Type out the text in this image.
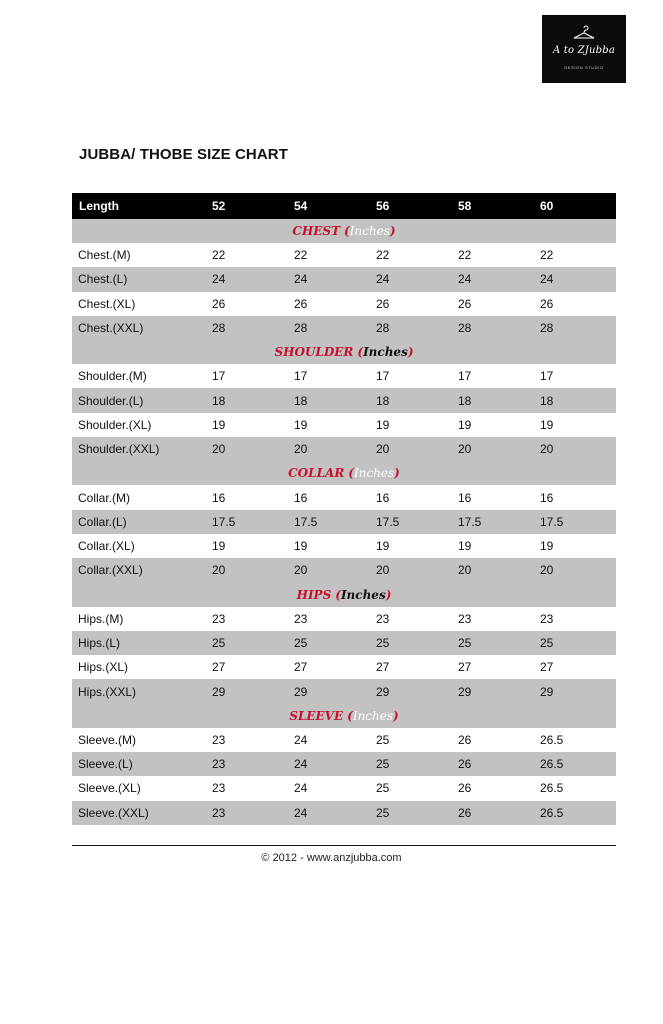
A to ZJubba
DESIGN STUDIO
JUBBA/ THOBE SIZE CHART
Length	52	54	56	58	60
CHEST (Inches)
Chest.(M)	22	22	22	22	22
Chest.(L)	24	24	24	24	24
Chest.(XL)	26	26	26	26	26
Chest.(XXL)	28	28	28	28	28
SHOULDER (Inches)
Shoulder.(M)	17	17	17	17	17
Shoulder.(L)	18	18	18	18	18
Shoulder.(XL)	19	19	19	19	19
Shoulder.(XXL)	20	20	20	20	20
COLLAR (Inches)
Collar.(M)	16	16	16	16	16
Collar.(L)	17.5	17.5	17.5	17.5	17.5
Collar.(XL)	19	19	19	19	19
Collar.(XXL)	20	20	20	20	20
HIPS (Inches)
Hips.(M)	23	23	23	23	23
Hips.(L)	25	25	25	25	25
Hips.(XL)	27	27	27	27	27
Hips.(XXL)	29	29	29	29	29
SLEEVE (Inches)
Sleeve.(M)	23	24	25	26	26.5
Sleeve.(L)	23	24	25	26	26.5
Sleeve.(XL)	23	24	25	26	26.5
Sleeve.(XXL)	23	24	25	26	26.5
© 2012 - www.anzjubba.com
